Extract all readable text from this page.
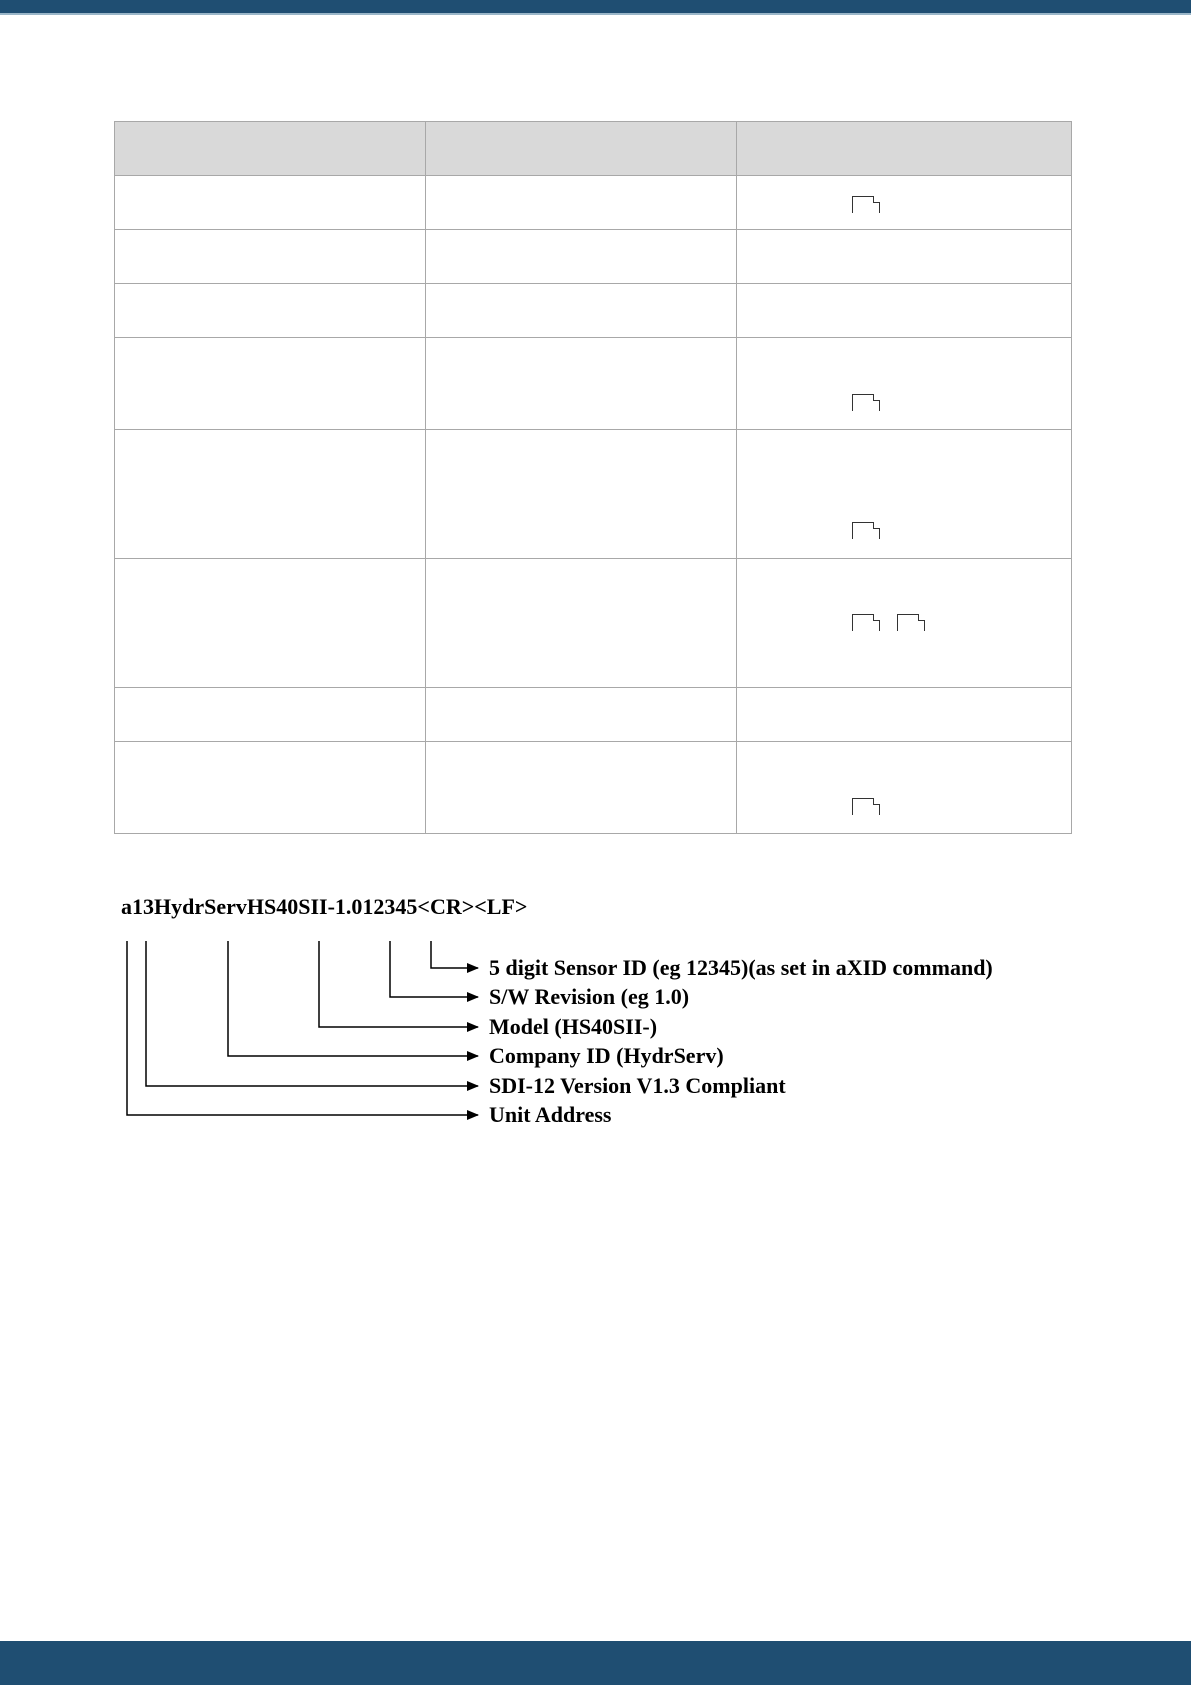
a13HydrServHS40SII-1.012345<CR><LF>
5 digit Sensor ID (eg 12345)(as set in aXID command)
S/W Revision (eg 1.0)
Model (HS40SII-)
Company ID (HydrServ)
SDI-12 Version V1.3 Compliant
Unit Address
